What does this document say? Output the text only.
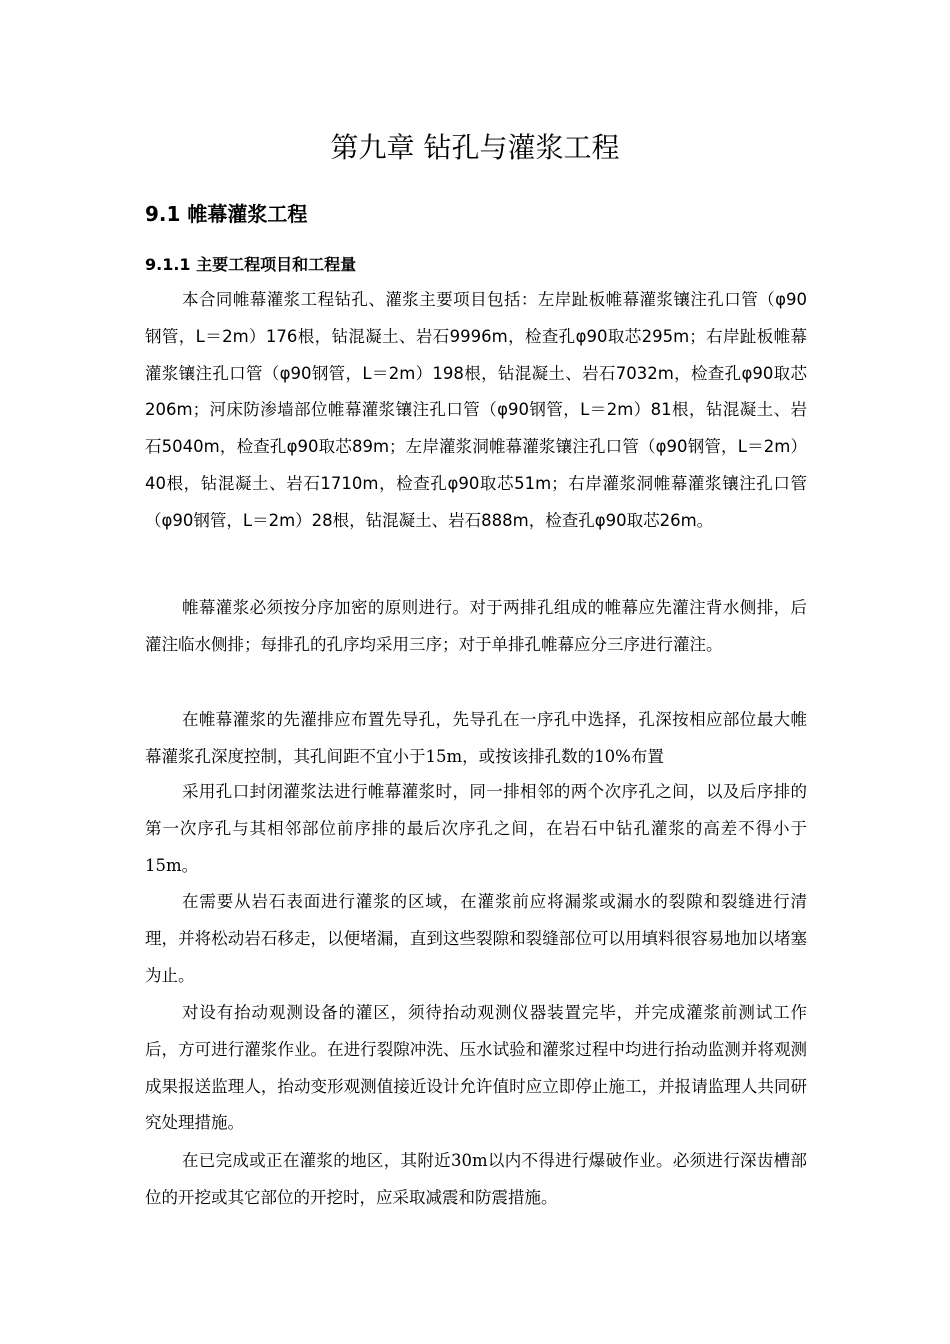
第九章 钻孔与灌浆工程
9.1 帷幕灌浆工程
9.1.1 主要工程项目和工程量

本合同帷幕灌浆工程钻孔、灌浆主要项目包括：左岸趾板帷幕灌浆镶注孔口管（φ90钢管，L＝2m）176根，钻混凝土、岩石9996m，检查孔φ90取芯295m；右岸趾板帷幕灌浆镶注孔口管（φ90钢管，L＝2m）198根，钻混凝土、岩石7032m，检查孔φ90取芯206m；河床防渗墙部位帷幕灌浆镶注孔口管（φ90钢管，L＝2m）81根，钻混凝土、岩石5040m，检查孔φ90取芯89m；左岸灌浆洞帷幕灌浆镶注孔口管（φ90钢管，L＝2m）40根，钻混凝土、岩石1710m，检查孔φ90取芯51m；右岸灌浆洞帷幕灌浆镶注孔口管（φ90钢管，L＝2m）28根，钻混凝土、岩石888m，检查孔φ90取芯26m。

帷幕灌浆必须按分序加密的原则进行。对于两排孔组成的帷幕应先灌注背水侧排，后灌注临水侧排；每排孔的孔序均采用三序；对于单排孔帷幕应分三序进行灌注。

在帷幕灌浆的先灌排应布置先导孔，先导孔在一序孔中选择，孔深按相应部位最大帷幕灌浆孔深度控制，其孔间距不宜小于15m，或按该排孔数的10%布置

采用孔口封闭灌浆法进行帷幕灌浆时，同一排相邻的两个次序孔之间，以及后序排的第一次序孔与其相邻部位前序排的最后次序孔之间，在岩石中钻孔灌浆的高差不得小于15m。

在需要从岩石表面进行灌浆的区域，在灌浆前应将漏浆或漏水的裂隙和裂缝进行清理，并将松动岩石移走，以便堵漏，直到这些裂隙和裂缝部位可以用填料很容易地加以堵塞为止。

对设有抬动观测设备的灌区，须待抬动观测仪器装置完毕，并完成灌浆前测试工作后，方可进行灌浆作业。在进行裂隙冲洗、压水试验和灌浆过程中均进行抬动监测并将观测成果报送监理人，抬动变形观测值接近设计允许值时应立即停止施工，并报请监理人共同研究处理措施。

在已完成或正在灌浆的地区，其附近30m以内不得进行爆破作业。必须进行深齿槽部位的开挖或其它部位的开挖时，应采取减震和防震措施。
